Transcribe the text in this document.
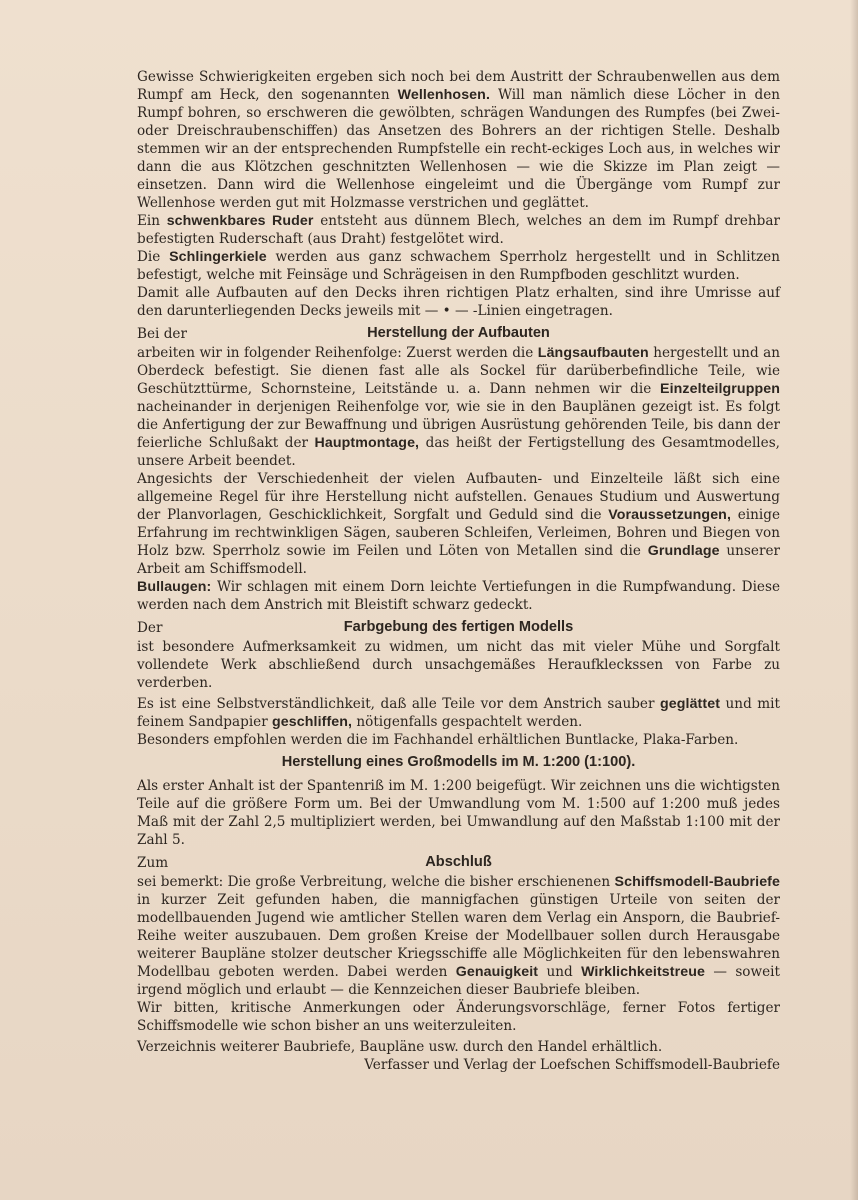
Gewisse Schwierigkeiten ergeben sich noch bei dem Austritt der Schraubenwellen aus dem Rumpf am Heck, den sogenannten Wellenhosen. Will man nämlich diese Löcher in den Rumpf bohren, so erschweren die gewölbten, schrägen Wandungen des Rumpfes (bei Zwei- oder Dreischraubenschiffen) das Ansetzen des Bohrers an der richtigen Stelle. Deshalb stemmen wir an der entsprechenden Rumpfstelle ein recht-eckiges Loch aus, in welches wir dann die aus Klötzchen geschnitzten Wellenhosen — wie die Skizze im Plan zeigt — einsetzen. Dann wird die Wellenhose eingeleimt und die Übergänge vom Rumpf zur Wellenhose werden gut mit Holzmasse verstrichen und geglättet.

Ein schwenkbares Ruder entsteht aus dünnem Blech, welches an dem im Rumpf drehbar befestigten Ruderschaft (aus Draht) festgelötet wird.

Die Schlingerkiele werden aus ganz schwachem Sperrholz hergestellt und in Schlitzen befestigt, welche mit Feinsäge und Schrägeisen in den Rumpfboden geschlitzt wurden.

Damit alle Aufbauten auf den Decks ihren richtigen Platz erhalten, sind ihre Umrisse auf den darunterliegenden Decks jeweils mit — • — -Linien eingetragen.

Bei der	Herstellung der Aufbauten

arbeiten wir in folgender Reihenfolge: Zuerst werden die Längsaufbauten hergestellt und an Oberdeck befestigt. Sie dienen fast alle als Sockel für darüberbefindliche Teile, wie Geschützttürme, Schornsteine, Leitstände u. a. Dann nehmen wir die Einzelteilgruppen nacheinander in derjenigen Reihenfolge vor, wie sie in den Bauplänen gezeigt ist. Es folgt die Anfertigung der zur Bewaffnung und übrigen Ausrüstung gehörenden Teile, bis dann der feierliche Schlußakt der Hauptmontage, das heißt der Fertigstellung des Gesamtmodelles, unsere Arbeit beendet.

Angesichts der Verschiedenheit der vielen Aufbauten- und Einzelteile läßt sich eine allgemeine Regel für ihre Herstellung nicht aufstellen. Genaues Studium und Auswertung der Planvorlagen, Geschicklichkeit, Sorgfalt und Geduld sind die Voraussetzungen, einige Erfahrung im rechtwinkligen Sägen, sauberen Schleifen, Verleimen, Bohren und Biegen von Holz bzw. Sperrholz sowie im Feilen und Löten von Metallen sind die Grundlage unserer Arbeit am Schiffsmodell.

Bullaugen: Wir schlagen mit einem Dorn leichte Vertiefungen in die Rumpfwandung. Diese werden nach dem Anstrich mit Bleistift schwarz gedeckt.

Der	Farbgebung des fertigen Modells

ist besondere Aufmerksamkeit zu widmen, um nicht das mit vieler Mühe und Sorgfalt vollendete Werk abschließend durch unsachgemäßes Heraufkleckssen von Farbe zu verderben.

Es ist eine Selbstverständlichkeit, daß alle Teile vor dem Anstrich sauber geglättet und mit feinem Sandpapier geschliffen, nötigenfalls gespachtelt werden.

Besonders empfohlen werden die im Fachhandel erhältlichen Buntlacke, Plaka-Farben.

Herstellung eines Großmodells im M. 1:200 (1:100).

Als erster Anhalt ist der Spantenriß im M. 1:200 beigefügt. Wir zeichnen uns die wichtigsten Teile auf die größere Form um. Bei der Umwandlung vom M. 1:500 auf 1:200 muß jedes Maß mit der Zahl 2,5 multipliziert werden, bei Umwandlung auf den Maßstab 1:100 mit der Zahl 5.

Zum	Abschluß

sei bemerkt: Die große Verbreitung, welche die bisher erschienenen Schiffsmodell-Baubriefe in kurzer Zeit gefunden haben, die mannigfachen günstigen Urteile von seiten der modellbauenden Jugend wie amtlicher Stellen waren dem Verlag ein Ansporn, die Baubrief-Reihe weiter auszubauen. Dem großen Kreise der Modellbauer sollen durch Herausgabe weiterer Baupläne stolzer deutscher Kriegsschiffe alle Möglichkeiten für den lebenswahren Modellbau geboten werden. Dabei werden Genauigkeit und Wirklichkeitstreue — soweit irgend möglich und erlaubt — die Kennzeichen dieser Baubriefe bleiben.

Wir bitten, kritische Anmerkungen oder Änderungsvorschläge, ferner Fotos fertiger Schiffsmodelle wie schon bisher an uns weiterzuleiten.

Verzeichnis weiterer Baubriefe, Baupläne usw. durch den Handel erhältlich.

Verfasser und Verlag der Loefschen Schiffsmodell-Baubriefe
